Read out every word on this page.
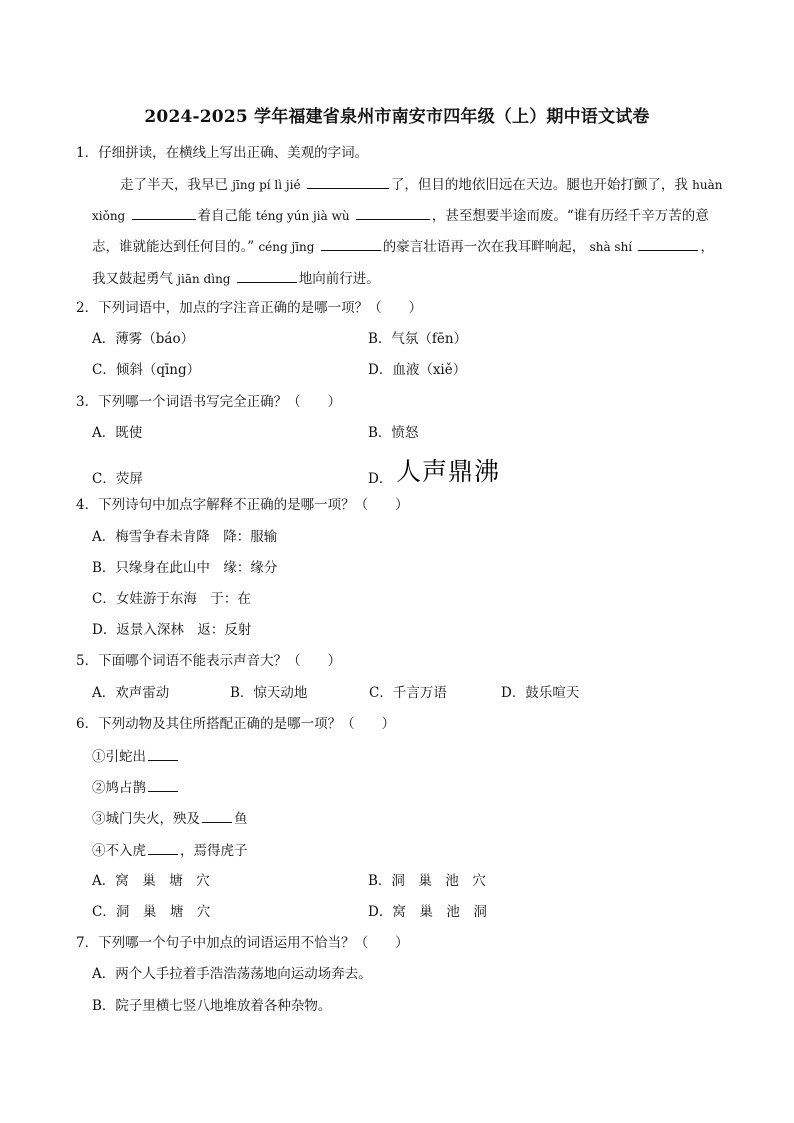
2024-2025 学年福建省泉州市南安市四年级（上）期中语文试卷
1．仔细拼读，在横线上写出正确、美观的字词。
走了半天，我早已 jīng pí lì jié	了，但目的地依旧远在天边。腿也开始打颤了，我 huàn
xiǒng	着自己能 téng yún jià wù	，甚至想要半途而废。“谁有历经千辛万苦的意
志，谁就能达到任何目的。” céng jīng	的豪言壮语再一次在我耳畔响起， shà shí	，
我又鼓起勇气 jiān dìng	地向前行进。
2．下列词语中，加点的字注音正确的是哪一项？（　　）
A．薄雾（báo）	B．气氛（fēn）
C．倾斜（qīng）	D．血液（xiě）
3．下列哪一个词语书写完全正确？（　　）
A．既使	B．愤怒
C．荧屏	D． 人声鼎沸
4．下列诗句中加点字解释不正确的是哪一项？（　　）
A．梅雪争春未肯降　降：服输
B．只缘身在此山中　缘：缘分
C．女娃游于东海　于：在
D．返景入深林　返：反射
5．下面哪个词语不能表示声音大？（　　）
A．欢声雷动	B．惊天动地	C．千言万语	D．鼓乐喧天
6．下列动物及其住所搭配正确的是哪一项？（　　）
①引蛇出
②鸠占鹊
③城门失火，殃及	鱼
④不入虎	，焉得虎子
A．窝　巢　塘　穴	B．洞　巢　池　穴
C．洞　巢　塘　穴	D．窝　巢　池　洞
7．下列哪一个句子中加点的词语运用不恰当？（　　）
A．两个人手拉着手浩浩荡荡地向运动场奔去。
B．院子里横七竖八地堆放着各种杂物。
